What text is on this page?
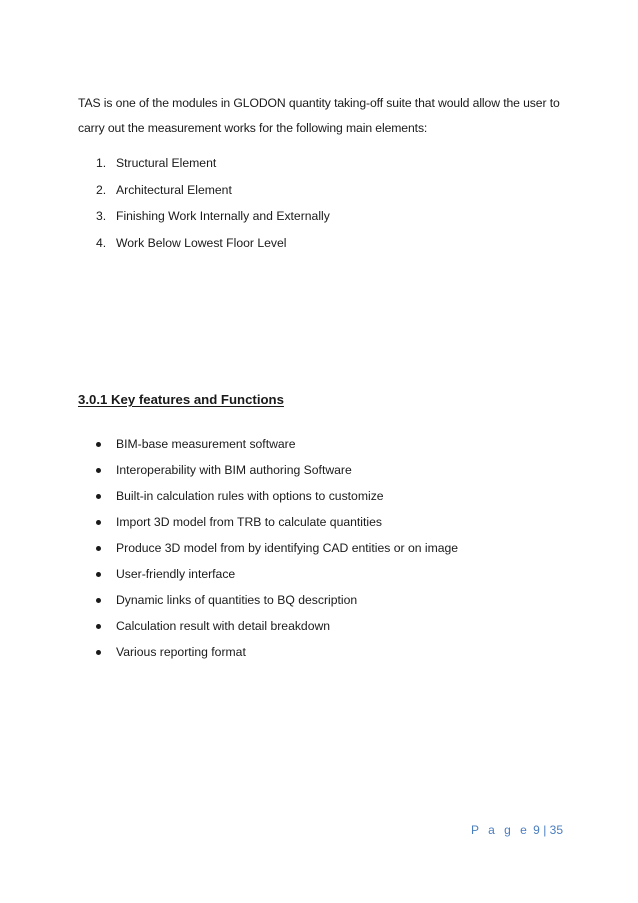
TAS is one of the modules in GLODON quantity taking-off suite that would allow the user to carry out the measurement works for the following main elements:

1. Structural Element
2. Architectural Element
3. Finishing Work Internally and Externally
4. Work Below Lowest Floor Level
3.0.1 Key features and Functions
BIM-base measurement software
Interoperability with BIM authoring Software
Built-in calculation rules with options to customize
Import 3D model from TRB to calculate quantities
Produce 3D model from by identifying CAD entities or on image
User-friendly interface
Dynamic links of quantities to BQ description
Calculation result with detail breakdown
Various reporting format
P a g e 9 | 35
